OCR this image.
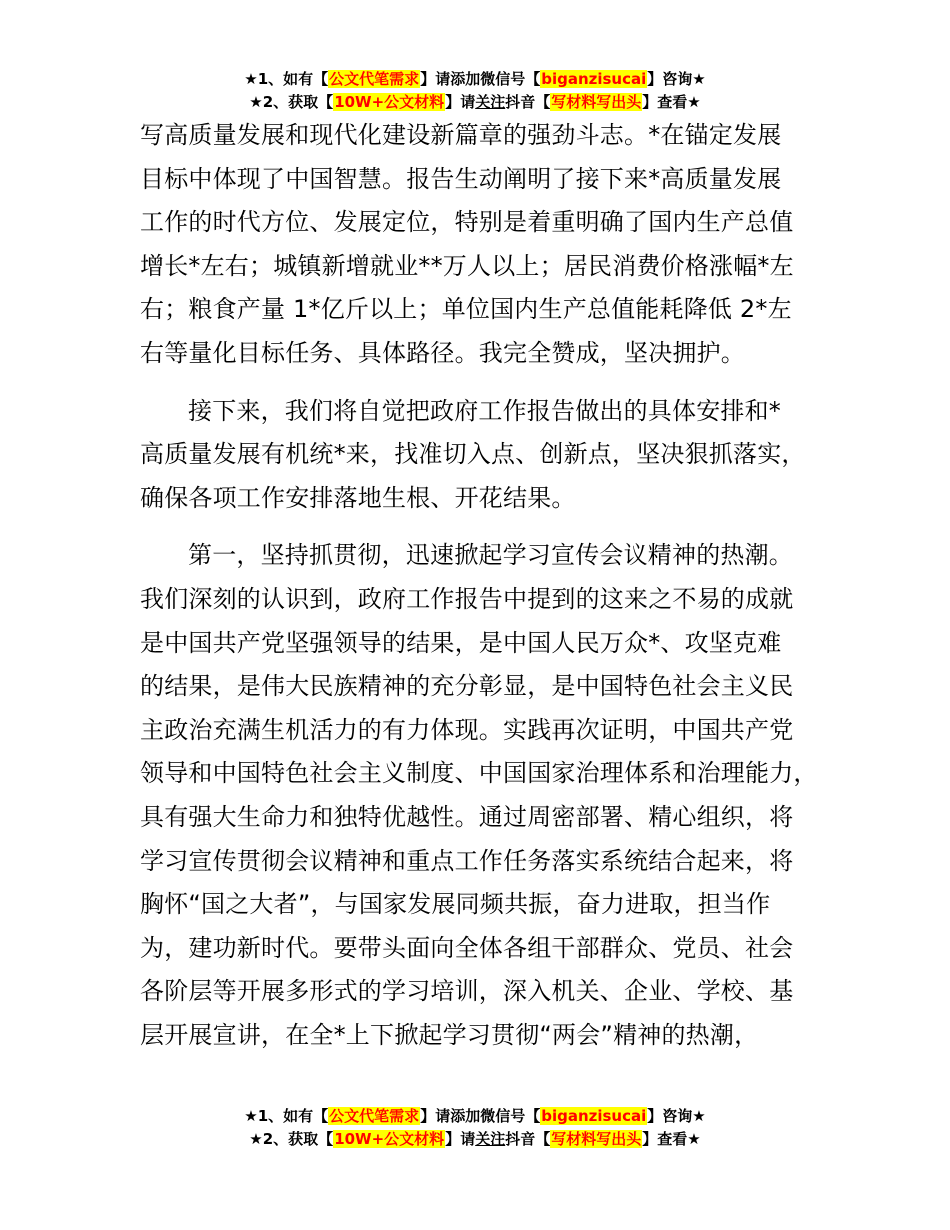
★1、如有【公文代笔需求】请添加微信号【biganzisucai】咨询★
★2、获取【10W+公文材料】请关注抖音【写材料写出头】查看★

写高质量发展和现代化建设新篇章的强劲斗志。*在锚定发展
目标中体现了中国智慧。报告生动阐明了接下来*高质量发展
工作的时代方位、发展定位，特别是着重明确了国内生产总值
增长*左右；城镇新增就业**万人以上；居民消费价格涨幅*左
右；粮食产量 1*亿斤以上；单位国内生产总值能耗降低 2*左
右等量化目标任务、具体路径。我完全赞成，坚决拥护。

接下来，我们将自觉把政府工作报告做出的具体安排和*
高质量发展有机统*来，找准切入点、创新点，坚决狠抓落实，
确保各项工作安排落地生根、开花结果。

第一，坚持抓贯彻，迅速掀起学习宣传会议精神的热潮。
我们深刻的认识到，政府工作报告中提到的这来之不易的成就
是中国共产党坚强领导的结果，是中国人民万众*、攻坚克难
的结果，是伟大民族精神的充分彰显，是中国特色社会主义民
主政治充满生机活力的有力体现。实践再次证明，中国共产党
领导和中国特色社会主义制度、中国国家治理体系和治理能力，
具有强大生命力和独特优越性。通过周密部署、精心组织，将
学习宣传贯彻会议精神和重点工作任务落实系统结合起来，将
胸怀“国之大者”，与国家发展同频共振，奋力进取，担当作
为，建功新时代。要带头面向全体各组干部群众、党员、社会
各阶层等开展多形式的学习培训，深入机关、企业、学校、基
层开展宣讲，在全*上下掀起学习贯彻“两会”精神的热潮，

★1、如有【公文代笔需求】请添加微信号【biganzisucai】咨询★
★2、获取【10W+公文材料】请关注抖音【写材料写出头】查看★
